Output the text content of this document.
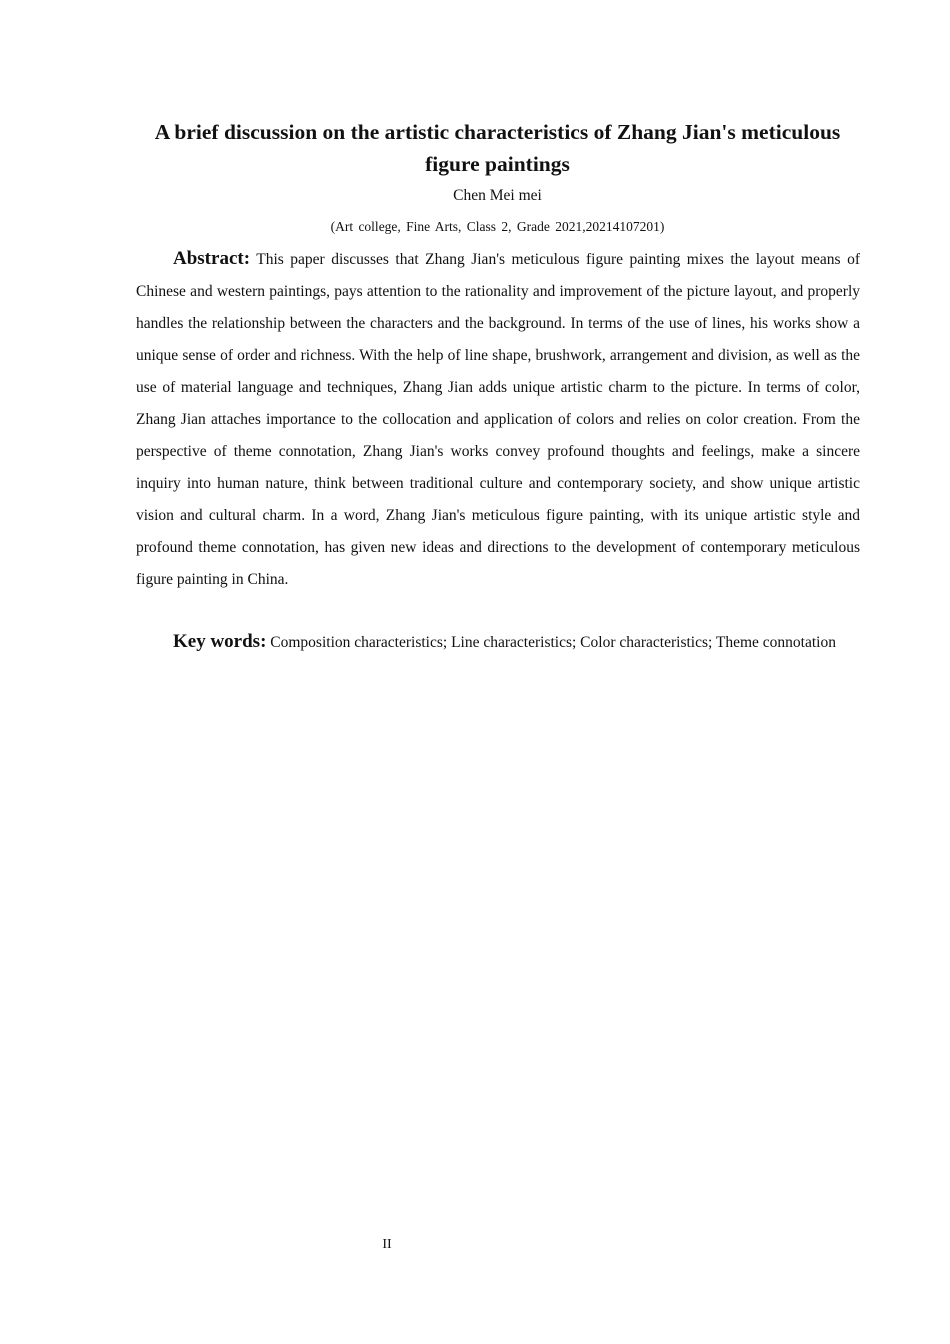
A brief discussion on the artistic characteristics of Zhang Jian's meticulous figure paintings
Chen Mei mei
(Art college, Fine Arts, Class 2, Grade 2021,20214107201)

Abstract: This paper discusses that Zhang Jian's meticulous figure painting mixes the layout means of Chinese and western paintings, pays attention to the rationality and improvement of the picture layout, and properly handles the relationship between the characters and the background. In terms of the use of lines, his works show a unique sense of order and richness. With the help of line shape, brushwork, arrangement and division, as well as the use of material language and techniques, Zhang Jian adds unique artistic charm to the picture. In terms of color, Zhang Jian attaches importance to the collocation and application of colors and relies on color creation. From the perspective of theme connotation, Zhang Jian's works convey profound thoughts and feelings, make a sincere inquiry into human nature, think between traditional culture and contemporary society, and show unique artistic vision and cultural charm. In a word, Zhang Jian's meticulous figure painting, with its unique artistic style and profound theme connotation, has given new ideas and directions to the development of contemporary meticulous figure painting in China.

Key words: Composition characteristics; Line characteristics; Color characteristics; Theme connotation

II
